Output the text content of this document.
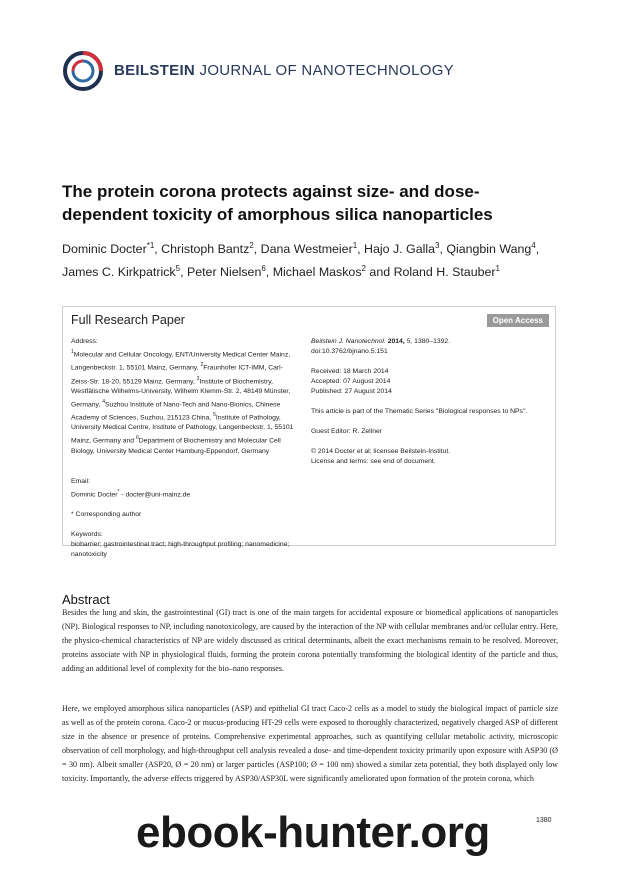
BEILSTEIN JOURNAL OF NANOTECHNOLOGY
The protein corona protects against size- and dose-dependent toxicity of amorphous silica nanoparticles
Dominic Docter$^{*1}$, Christoph Bantz$^2$, Dana Westmeier$^1$, Hajo J. Galla$^3$, Qiangbin Wang$^4$, James C. Kirkpatrick$^5$, Peter Nielsen$^6$, Michael Maskos$^2$ and Roland H. Stauber$^1$
Full Research Paper	Open Access
Address:
$^1$Molecular and Cellular Oncology, ENT/University Medical Center Mainz, Langenbeckstr. 1, 55101 Mainz, Germany, $^2$Fraunhofer ICT-IMM, Carl-Zeiss-Str. 18-20, 55129 Mainz, Germany, $^3$Institute of Biochemistry, Westfälische Wilhelms-University, Wilhelm Klemm-Str. 2, 48149 Münster, Germany, $^4$Suzhou Institute of Nano-Tech and Nano-Bionics, Chinese Academy of Sciences, Suzhou, 215123 China, $^5$Institute of Pathology, University Medical Centre, Institute of Pathology, Langenbeckstr. 1, 55101 Mainz, Germany and $^6$Department of Biochemistry and Molecular Cell Biology, University Medical Center Hamburg-Eppendorf, Germany
Email:
Dominic Docter* - docter@uni-mainz.de
* Corresponding author
Keywords:
biobarrier; gastrointestinal tract; high-throughput profiling; nanomedicine; nanotoxicity
Beilstein J. Nanotechnol. 2014, 5, 1380–1392.
doi:10.3762/bjnano.5.151
Received: 18 March 2014
Accepted: 07 August 2014
Published: 27 August 2014
This article is part of the Thematic Series "Biological responses to NPs".
Guest Editor: R. Zellner
© 2014 Docter et al; licensee Beilstein-Institut.
License and terms: see end of document.
Abstract
Besides the lung and skin, the gastrointestinal (GI) tract is one of the main targets for accidental exposure or biomedical applications of nanoparticles (NP). Biological responses to NP, including nanotoxicology, are caused by the interaction of the NP with cellular membranes and/or cellular entry. Here, the physico-chemical characteristics of NP are widely discussed as critical determinants, albeit the exact mechanisms remain to be resolved. Moreover, proteins associate with NP in physiological fluids, forming the protein corona potentially transforming the biological identity of the particle and thus, adding an additional level of complexity for the bio–nano responses.
Here, we employed amorphous silica nanoparticles (ASP) and epithelial GI tract Caco-2 cells as a model to study the biological impact of particle size as well as of the protein corona. Caco-2 or mucus-producing HT-29 cells were exposed to thoroughly characterized, negatively charged ASP of different size in the absence or presence of proteins. Comprehensive experimental approaches, such as quantifying cellular metabolic activity, microscopic observation of cell morphology, and high-throughput cell analysis revealed a dose- and time-dependent toxicity primarily upon exposure with ASP30 (Ø = 30 nm). Albeit smaller (ASP20, Ø = 20 nm) or larger particles (ASP100; Ø = 100 nm) showed a similar zeta potential, they both displayed only low toxicity. Importantly, the adverse effects triggered by ASP30/ASP30L were significantly ameliorated upon formation of the protein corona, which
1380
ebook-hunter.org
